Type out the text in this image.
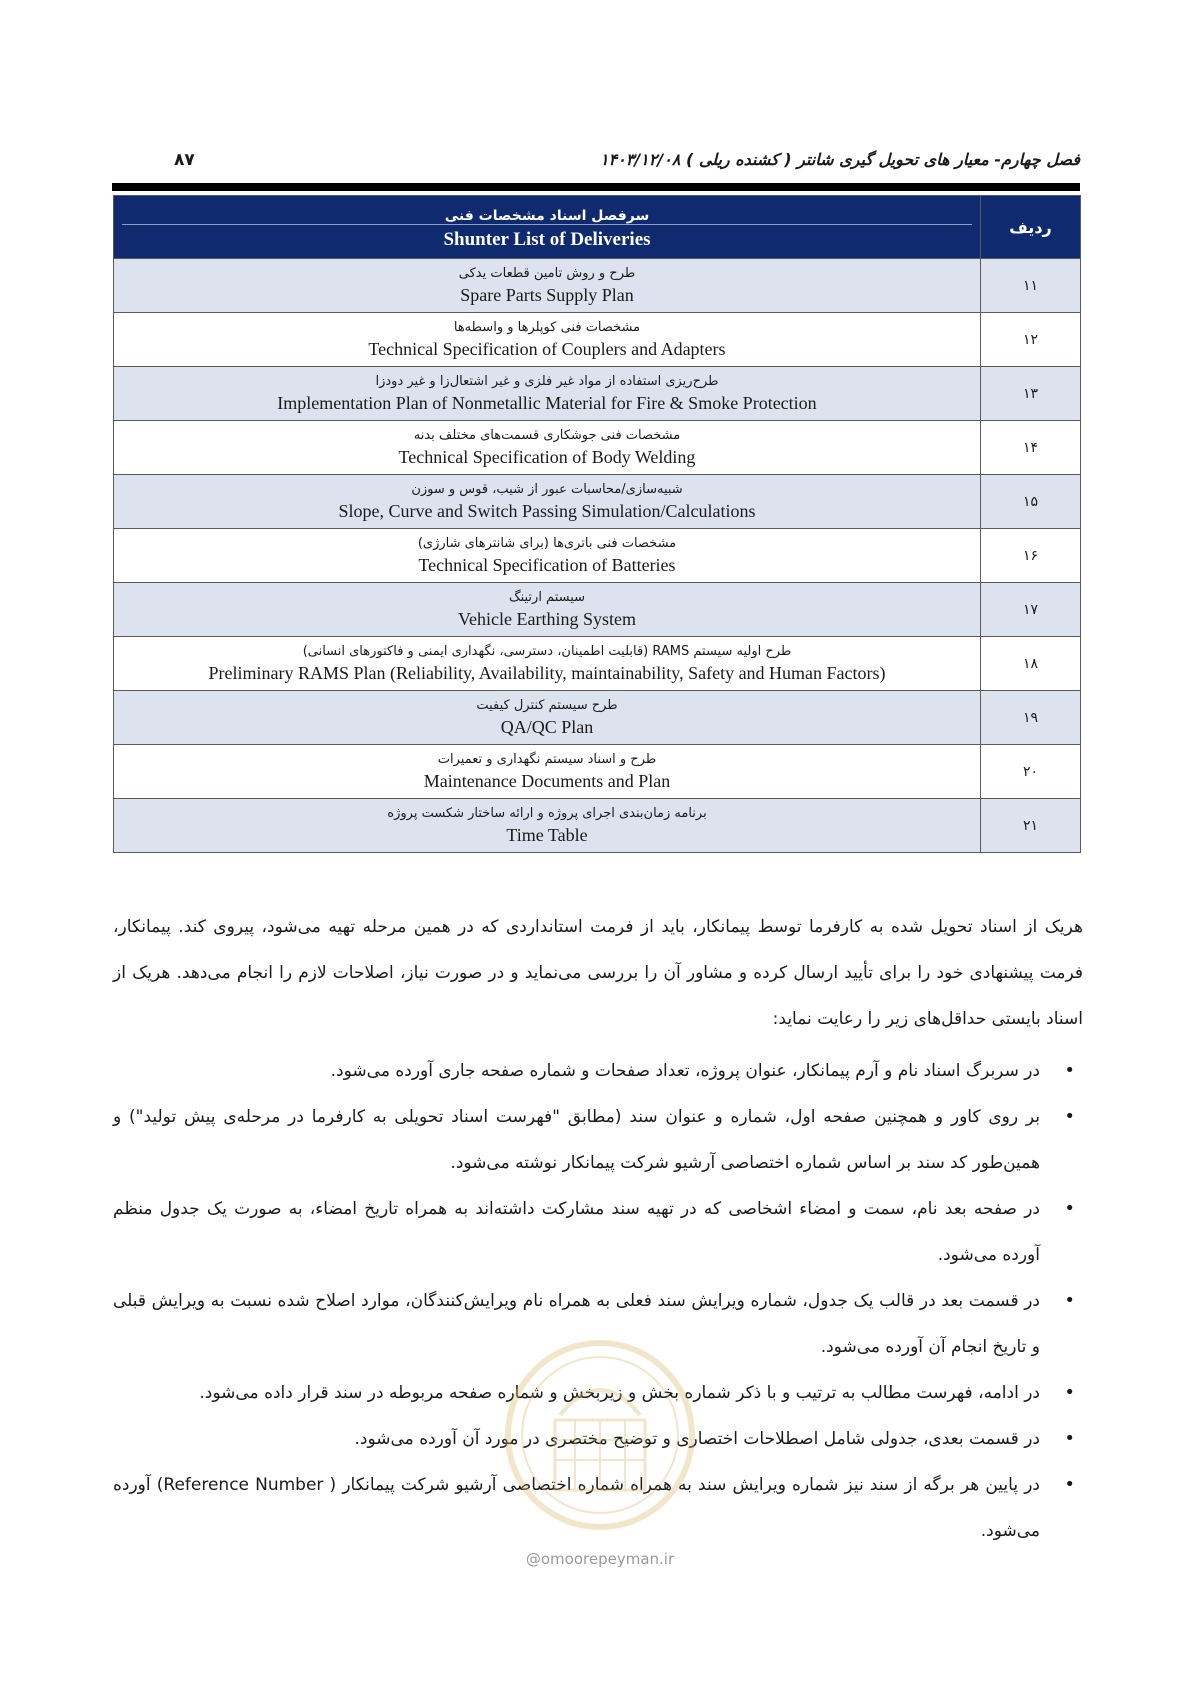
فصل چهارم- معیار های تحویل گیری شانتر ( کشنده ریلی ) ۱۴۰۳/۱۲/۰۸
۸۷
ردیف	سرفصل اسناد مشخصات فنی
Shunter List of Deliveries

۱۱	طرح و روش تامین قطعات یدکی
Spare Parts Supply Plan

۱۲	مشخصات فنی کوپلرها و واسطه‌ها
Technical Specification of Couplers and Adapters

۱۳	طرح‌ریزی استفاده از مواد غیر فلزی و غیر اشتعال‌زا و غیر دودزا
Implementation Plan of Nonmetallic Material for Fire & Smoke Protection

۱۴	مشخصات فنی جوشکاری قسمت‌های مختلف بدنه
Technical Specification of Body Welding

۱۵	شبیه‌سازی/محاسبات عبور از شیب، قوس و سوزن
Slope, Curve and Switch Passing Simulation/Calculations

۱۶	مشخصات فنی باتری‌ها (برای شانترهای شارژی)
Technical Specification of Batteries

۱۷	سیستم ارتینگ
Vehicle Earthing System

۱۸	طرح اولیه سیستم RAMS (قابلیت اطمینان، دسترسی، نگهداری ایمنی و فاکتورهای انسانی)
Preliminary RAMS Plan (Reliability, Availability, maintainability, Safety and Human Factors)

۱۹	طرح سیستم کنترل کیفیت
QA/QC Plan

۲۰	طرح و اسناد سیستم نگهداری و تعمیرات
Maintenance Documents and Plan

۲۱	برنامه زمان‌بندی اجرای پروژه و ارائه ساختار شکست پروژه
Time Table

هریک از اسناد تحویل شده به کارفرما توسط پیمانکار، باید از فرمت استانداردی که در همین مرحله تهیه می‌شود، پیروی کند. پیمانکار، فرمت پیشنهادی خود را برای تأیید ارسال کرده و مشاور آن را بررسی می‌نماید و در صورت نیاز، اصلاحات لازم را انجام می‌دهد. هریک از اسناد بایستی حداقل‌های زیر را رعایت نماید:

•
در سربرگ اسناد نام و آرم پیمانکار، عنوان پروژه، تعداد صفحات و شماره صفحه جاری آورده می‌شود.
•
بر روی کاور و همچنین صفحه اول، شماره و عنوان سند (مطابق "فهرست اسناد تحویلی به کارفرما در مرحله‌ی پیش تولید") و همین‌طور کد سند بر اساس شماره اختصاصی آرشیو شرکت پیمانکار نوشته می‌شود.
•
در صفحه بعد نام، سمت و امضاء اشخاصی که در تهیه سند مشارکت داشته‌اند به همراه تاریخ امضاء، به صورت یک جدول منظم آورده می‌شود.
•
در قسمت بعد در قالب یک جدول، شماره ویرایش سند فعلی به همراه نام ویرایش‌کنندگان، موارد اصلاح شده نسبت به ویرایش قبلی و تاریخ انجام آن آورده می‌شود.
•
در ادامه، فهرست مطالب به ترتیب و با ذکر شماره بخش و زیربخش و شماره صفحه مربوطه در سند قرار داده می‌شود.
•
در قسمت بعدی، جدولی شامل اصطلاحات اختصاری و توضیح مختصری در مورد آن آورده می‌شود.
•
در پایین هر برگه از سند نیز شماره ویرایش سند به همراه شماره اختصاصی آرشیو شرکت پیمانکار ( Reference Number) آورده می‌شود.
@omoorepeyman.ir
